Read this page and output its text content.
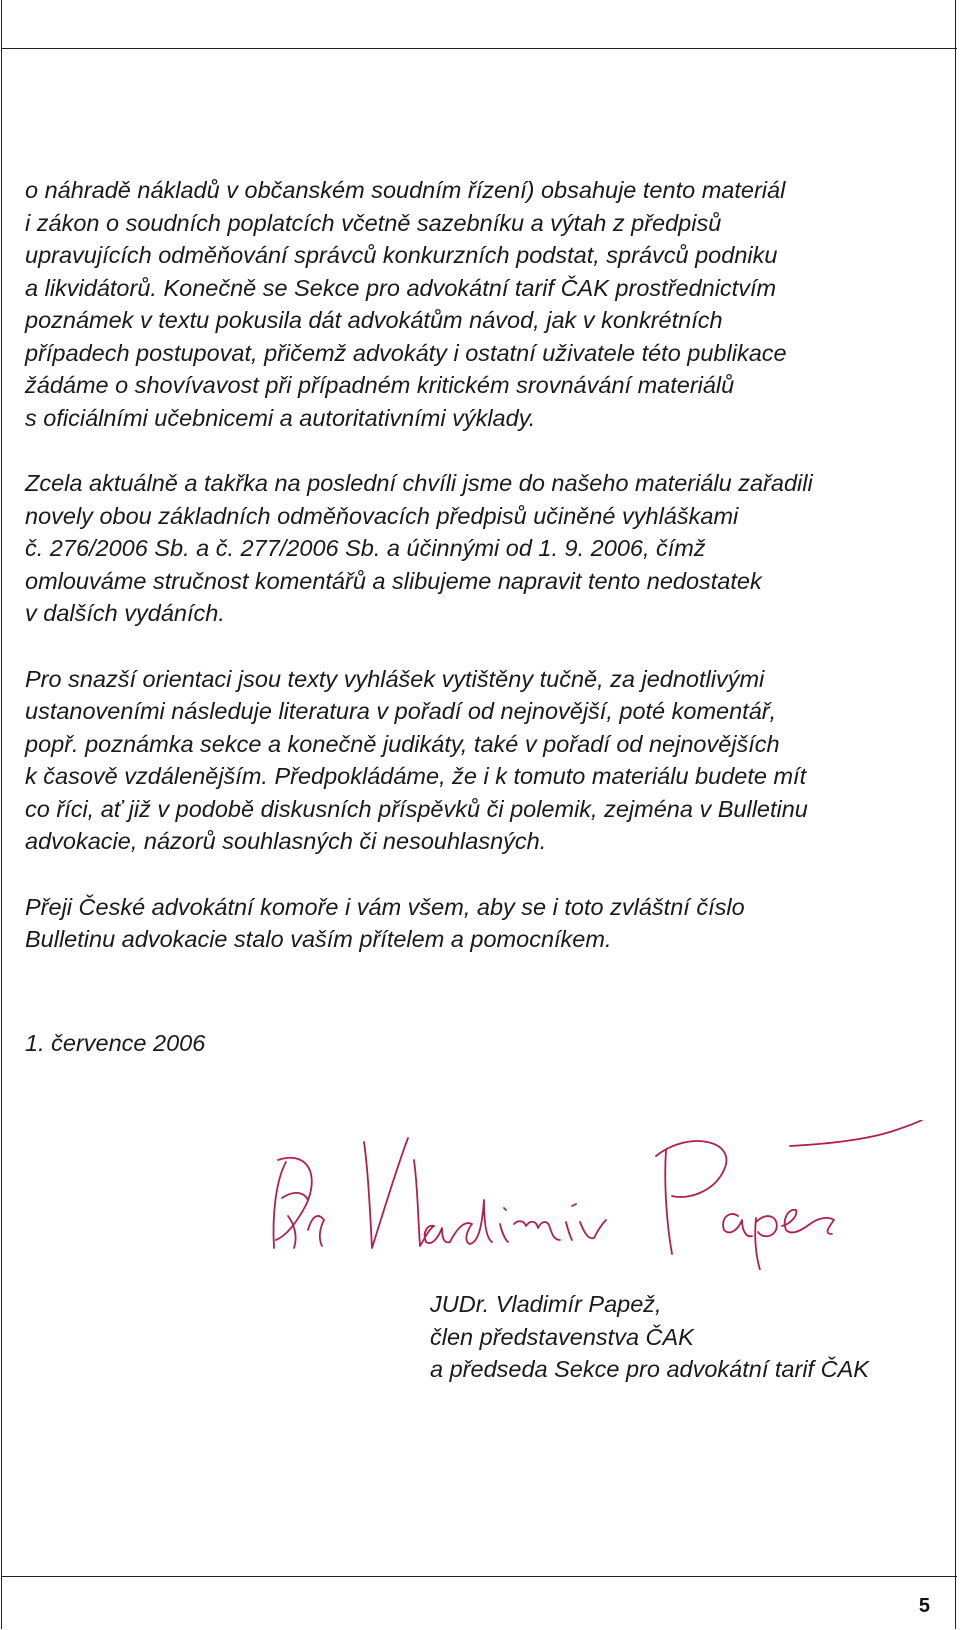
o náhradě nákladů v občanském soudním řízení) obsahuje tento materiál
i zákon o soudních poplatcích včetně sazebníku a výtah z předpisů
upravujících odměňování správců konkurzních podstat, správců podniku
a likvidátorů. Konečně se Sekce pro advokátní tarif ČAK prostřednictvím
poznámek v textu pokusila dát advokátům návod, jak v konkrétních
případech postupovat, přičemž advokáty i ostatní uživatele této publikace
žádáme o shovívavost při případném kritickém srovnávání materiálů
s oficiálními učebnicemi a autoritativními výklady.

Zcela aktuálně a takřka na poslední chvíli jsme do našeho materiálu zařadili
novely obou základních odměňovacích předpisů učiněné vyhláškami
č. 276/2006 Sb. a č. 277/2006 Sb. a účinnými od 1. 9. 2006, čímž
omlouváme stručnost komentářů a slibujeme napravit tento nedostatek
v dalších vydáních.

Pro snazší orientaci jsou texty vyhlášek vytištěny tučně, za jednotlivými
ustanoveními následuje literatura v pořadí od nejnovější, poté komentář,
popř. poznámka sekce a konečně judikáty, také v pořadí od nejnovějších
k časově vzdálenějším. Předpokládáme, že i k tomuto materiálu budete mít
co říci, ať již v podobě diskusních příspěvků či polemik, zejména v Bulletinu
advokacie, názorů souhlasných či nesouhlasných.

Přeji České advokátní komoře i vám všem, aby se i toto zvláštní číslo
Bulletinu advokacie stalo vaším přítelem a pomocníkem.

1. července 2006
JUDr. Vladimír Papež,
člen představenstva ČAK
a předseda Sekce pro advokátní tarif ČAK
5
